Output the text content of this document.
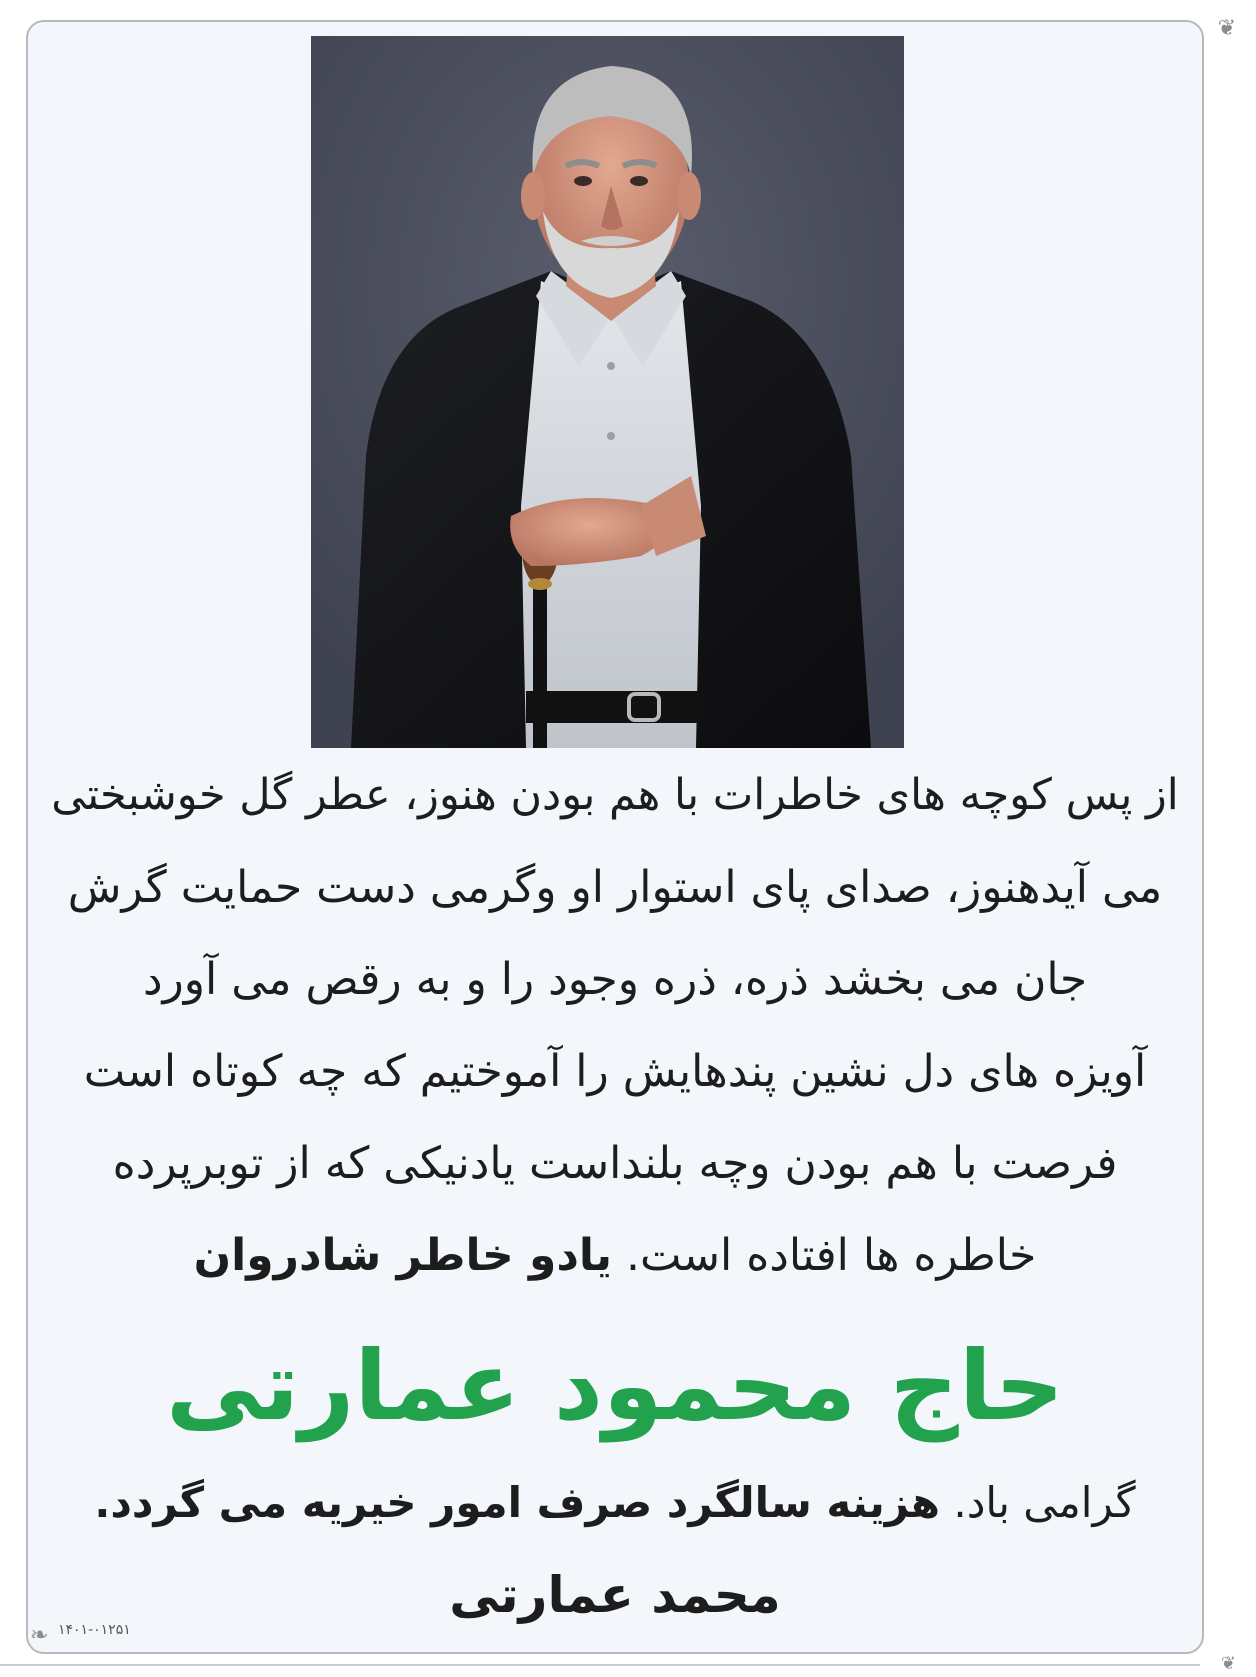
❦
❧
❦
از پس کوچه های خاطرات با هم بودن هنوز، عطر گل خوشبختی
می آیدهنوز، صدای پای استوار او وگرمی دست حمایت گرش
جان می بخشد ذره، ذره وجود را و به رقص می آورد
آویزه های دل نشین پندهایش را آموختیم که چه کوتاه است
فرصت با هم بودن وچه بلنداست یادنیکی که از توبرپرده
خاطره ها افتاده است. یادو خاطر شادروان
حاج محمود عمارتی
گرامی باد. هزینه سالگرد صرف امور خیریه می گردد.
محمد عمارتی
۱۴۰۱-۰۱۲۵۱
